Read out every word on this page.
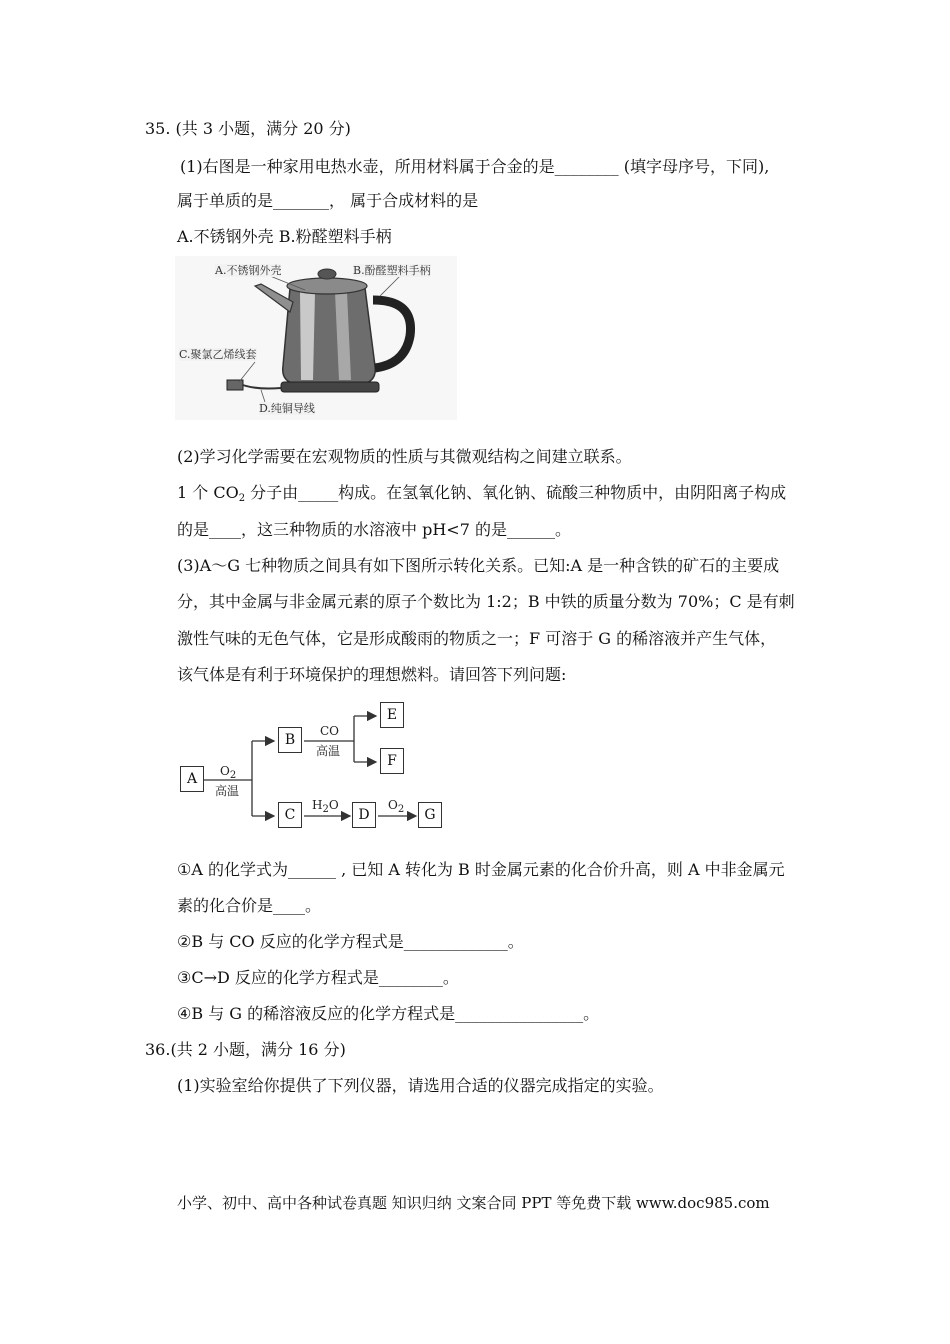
35. (共 3 小题，满分 20 分)
(1)右图是一种家用电热水壶，所用材料属于合金的是________ (填字母序号，下同),
属于单质的是_______， 属于合成材料的是
A.不锈钢外壳 B.粉醛塑料手柄
A.不锈钢外壳	B.酚醛塑料手柄
C.聚氯乙烯线套
D.纯铜导线
(2)学习化学需要在宏观物质的性质与其微观结构之间建立联系。
1 个 $CO_2$ 分子由_____构成。在氢氧化钠、氧化钠、硫酸三种物质中，由阴阳离子构成
的是____，这三种物质的水溶液中 pH<7 的是______。
(3)A～G 七种物质之间具有如下图所示转化关系。已知:A 是一种含铁的矿石的主要成
分，其中金属与非金属元素的原子个数比为 1:2；B 中铁的质量分数为 70%；C 是有刺
激性气味的无色气体，它是形成酸雨的物质之一；F 可溶于 G 的稀溶液并产生气体，
该气体是有利于环境保护的理想燃料。请回答下列问题:
A
B
C	D
E
F
G
$O_2$
高温
CO
高温
$H_2O$	$O_2$
①A 的化学式为______ , 已知 A 转化为 B 时金属元素的化合价升高，则 A 中非金属元
素的化合价是____。
②B 与 CO 反应的化学方程式是_____________。
③C→D 反应的化学方程式是________。
④B 与 G 的稀溶液反应的化学方程式是________________。
36.(共 2 小题，满分 16 分)
(1)实验室给你提供了下列仪器，请选用合适的仪器完成指定的实验。
小学、初中、高中各种试卷真题 知识归纳 文案合同 PPT 等免费下载 www.doc985.com
